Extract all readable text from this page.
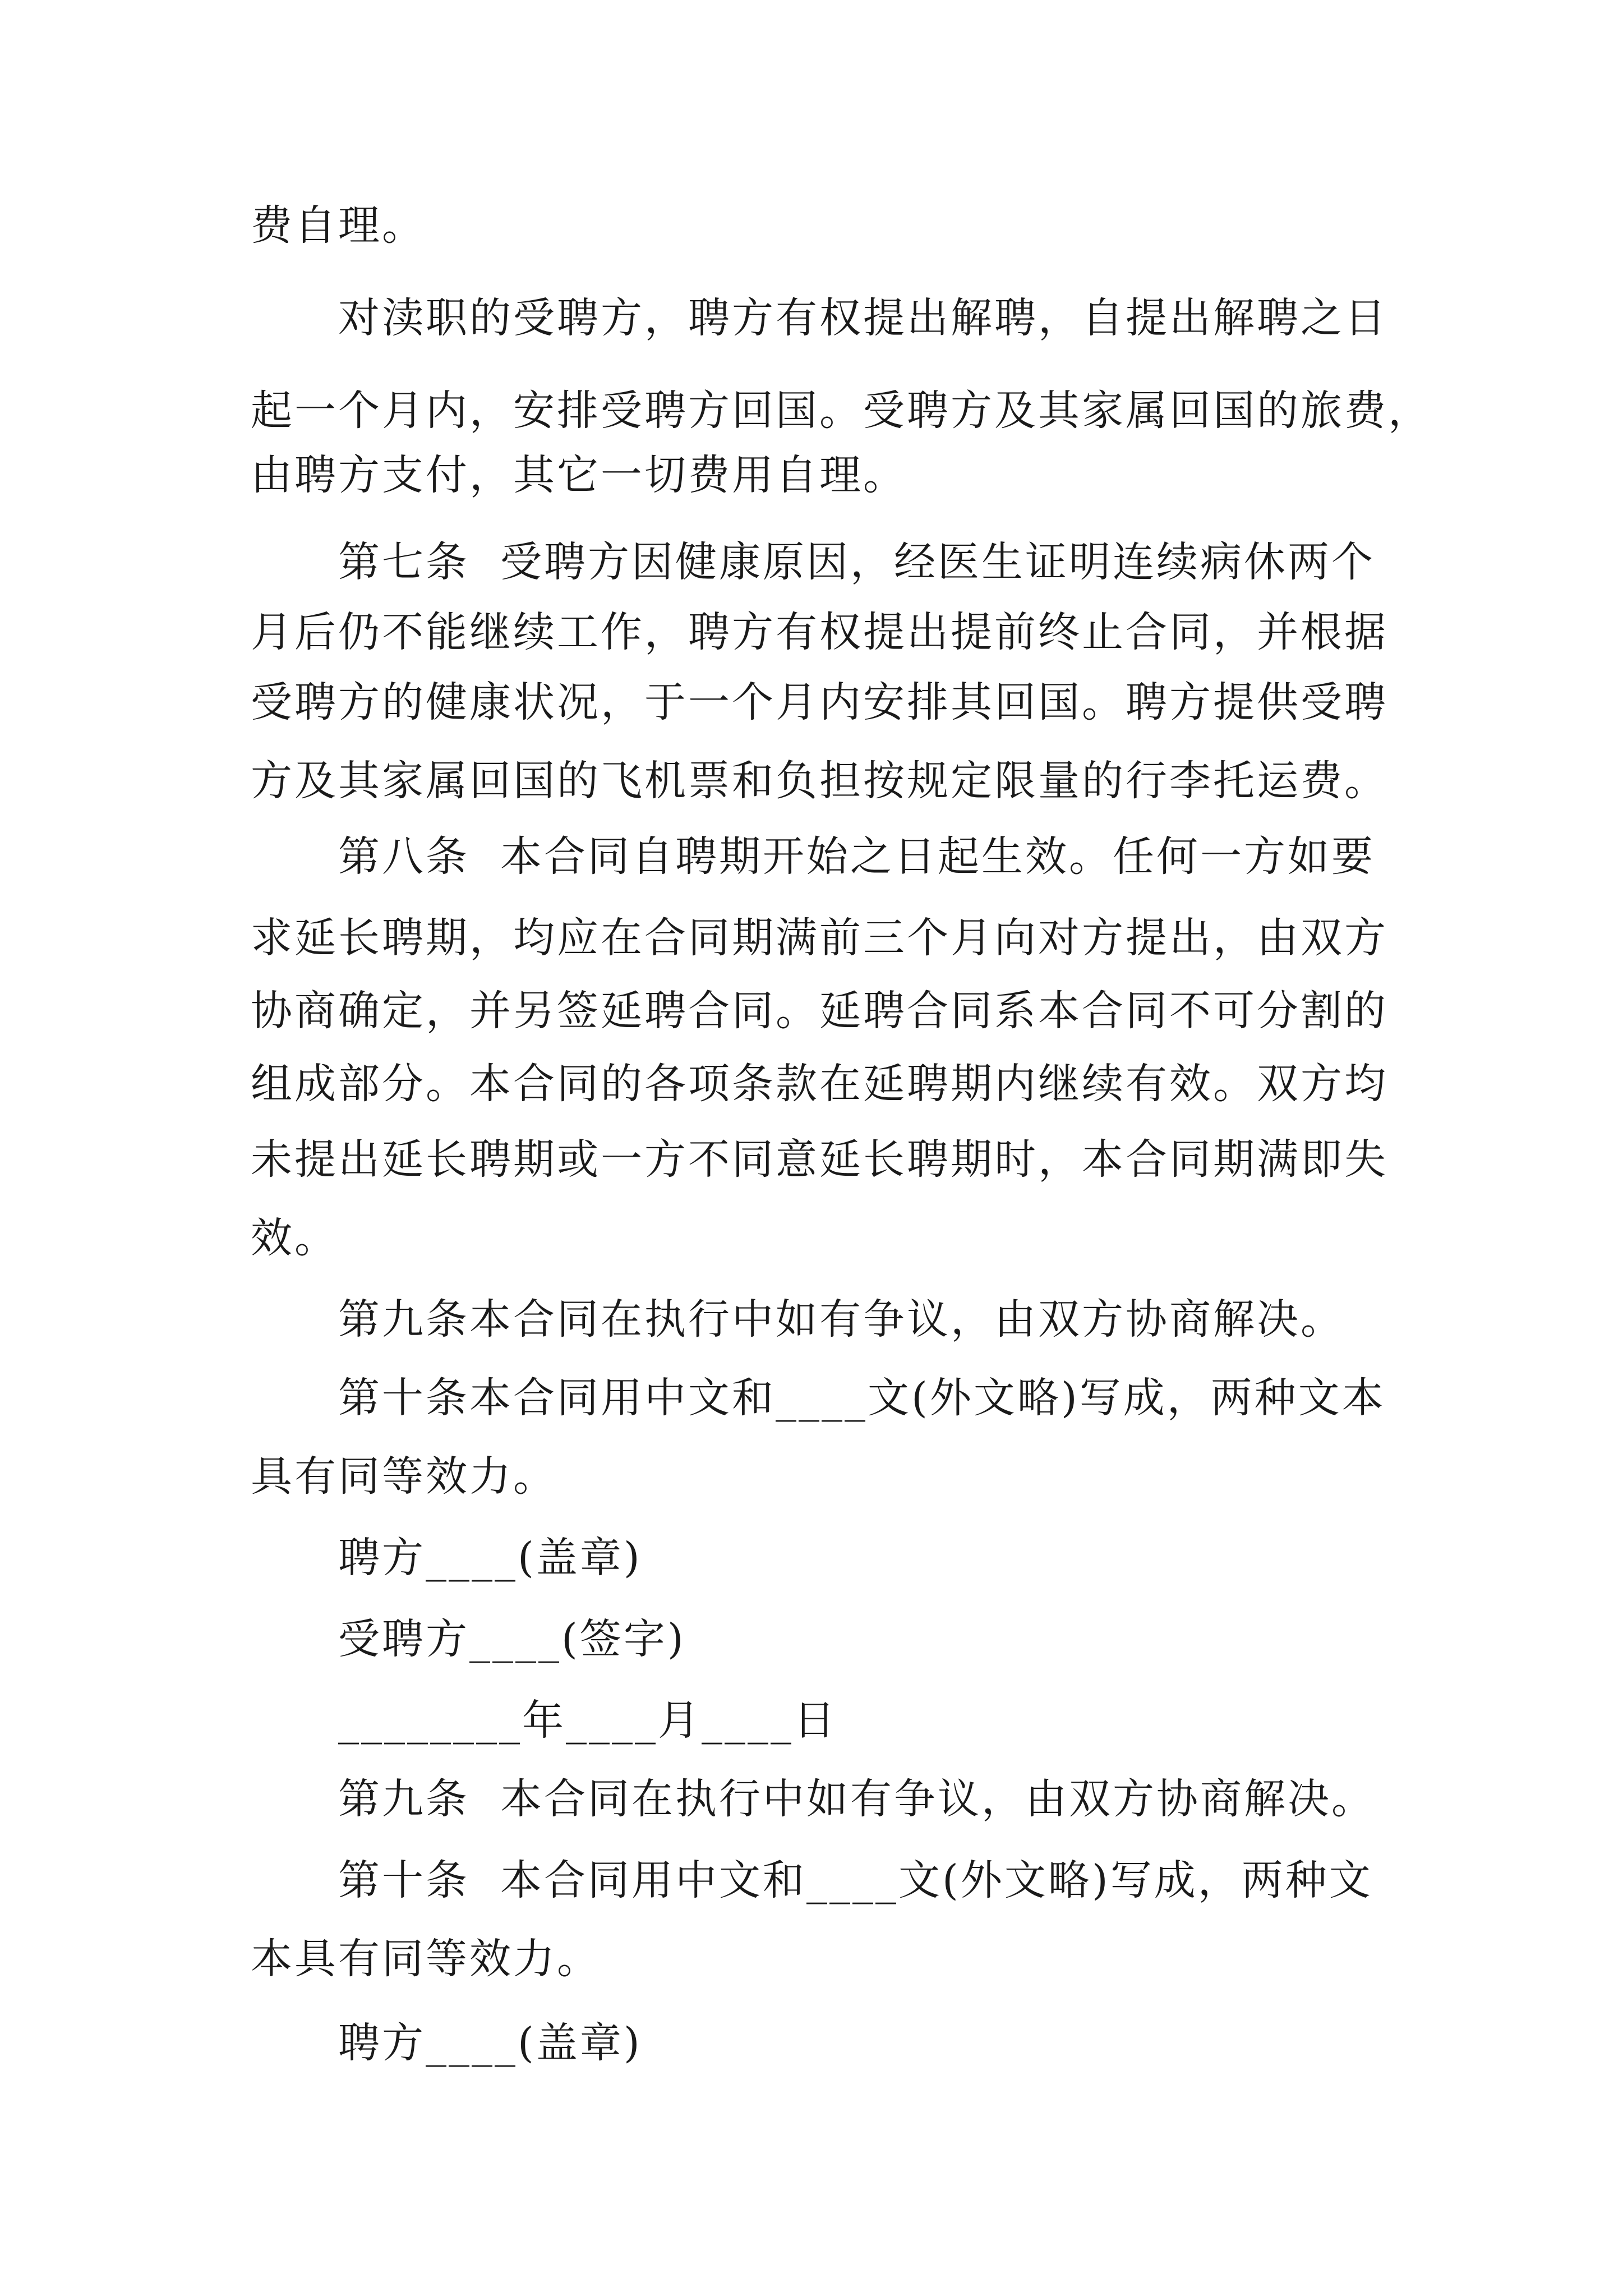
费自理。
对渎职的受聘方，聘方有权提出解聘，自提出解聘之日
起一个月内，安排受聘方回国。受聘方及其家属回国的旅费，
由聘方支付，其它一切费用自理。
第七条  受聘方因健康原因，经医生证明连续病休两个
月后仍不能继续工作，聘方有权提出提前终止合同，并根据
受聘方的健康状况，于一个月内安排其回国。聘方提供受聘
方及其家属回国的飞机票和负担按规定限量的行李托运费。
第八条  本合同自聘期开始之日起生效。任何一方如要
求延长聘期，均应在合同期满前三个月向对方提出，由双方
协商确定，并另签延聘合同。延聘合同系本合同不可分割的
组成部分。本合同的各项条款在延聘期内继续有效。双方均
未提出延长聘期或一方不同意延长聘期时，本合同期满即失
效。
第九条本合同在执行中如有争议，由双方协商解决。
第十条本合同用中文和____文(外文略)写成，两种文本
具有同等效力。
聘方____(盖章)
受聘方____(签字)
________年____月____日
第九条  本合同在执行中如有争议，由双方协商解决。
第十条  本合同用中文和____文(外文略)写成，两种文
本具有同等效力。
聘方____(盖章)
